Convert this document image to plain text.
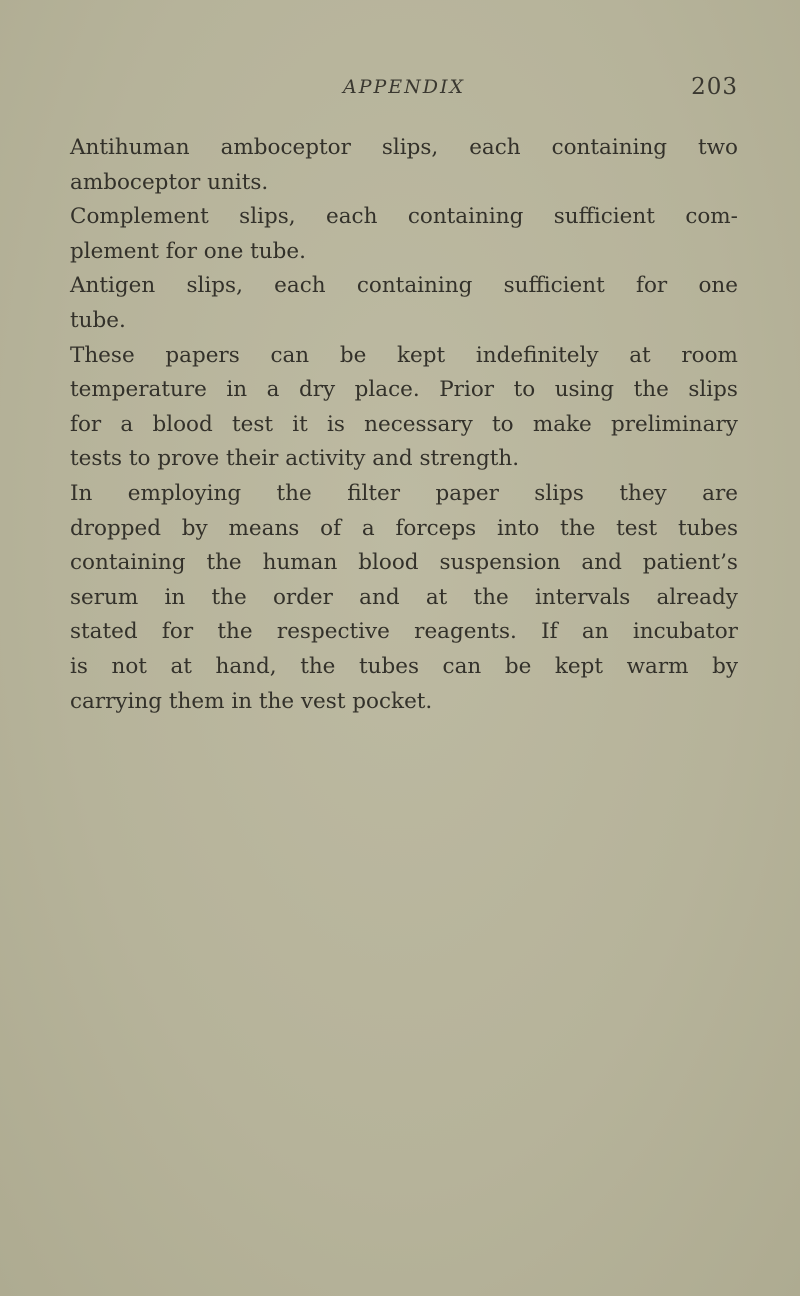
APPENDIX	203
Antihuman amboceptor slips, each containing two
amboceptor units.
Complement slips, each containing sufficient com-
plement for one tube.
Antigen slips, each containing sufficient for one
tube.
These papers can be kept indefinitely at room
temperature in a dry place. Prior to using the slips
for a blood test it is necessary to make preliminary
tests to prove their activity and strength.
In employing the filter paper slips they are
dropped by means of a forceps into the test tubes
containing the human blood suspension and patient’s
serum in the order and at the intervals already
stated for the respective reagents. If an incubator
is not at hand, the tubes can be kept warm by
carrying them in the vest pocket.
